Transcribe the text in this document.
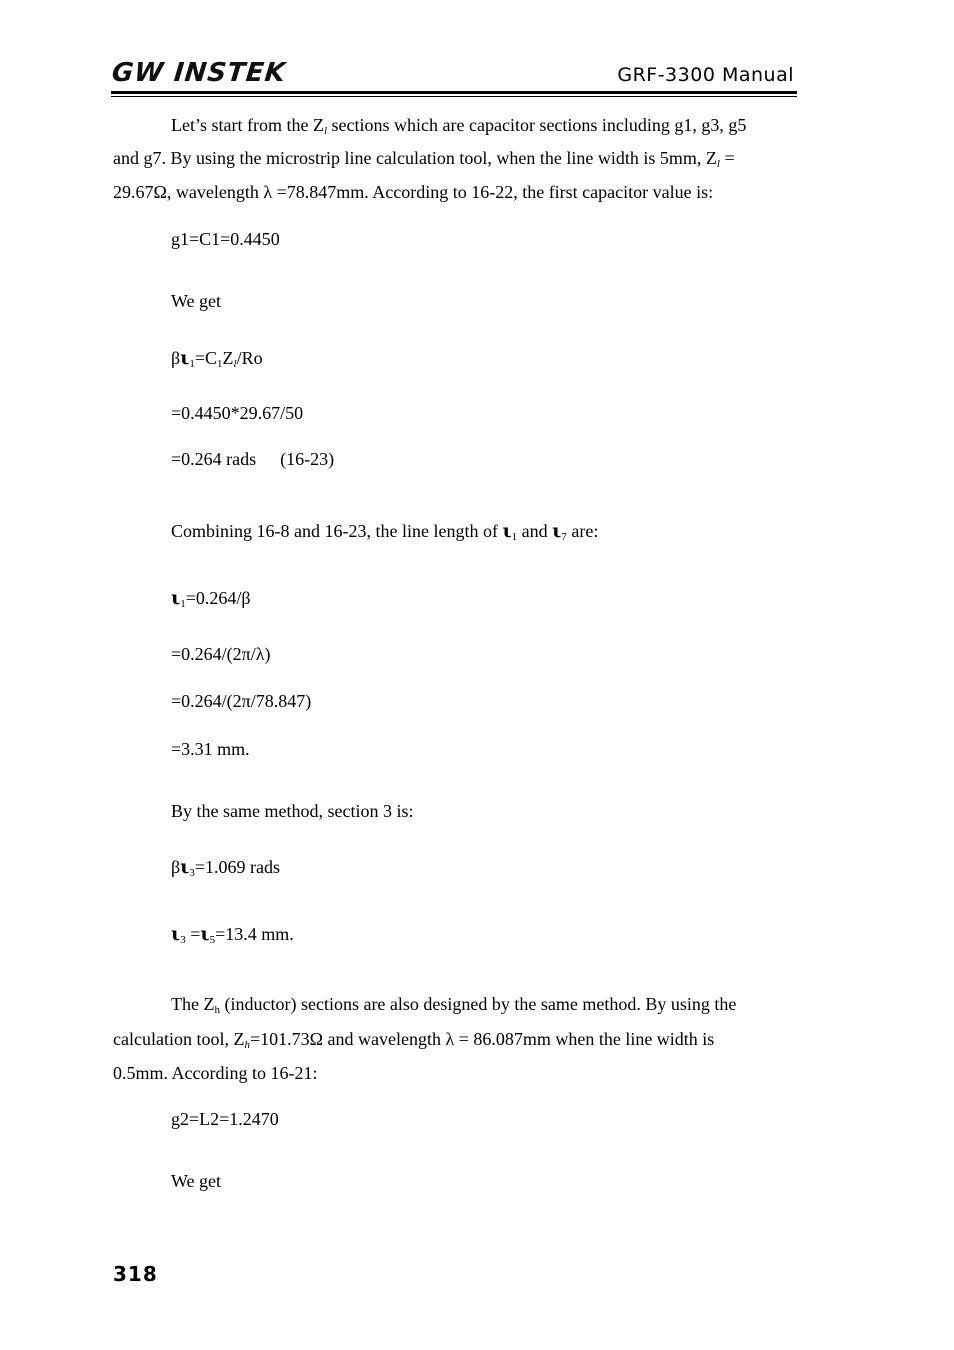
GW INSTEK	GRF-3300 Manual
Let’s start from the $Z_l$ sections which are capacitor sections including g1, g3, g5
and g7. By using the microstrip line calculation tool, when the line width is 5mm, $Z_l$ =
29.67Ω, wavelength λ =78.847mm. According to 16-22, the first capacitor value is:
g1=C1=0.4450
We get
$\beta\iota_1=C_1Z_l/Ro$
=0.4450*29.67/50
=0.264 rads (16-23)
Combining 16-8 and 16-23, the line length of $\iota_1$ and $\iota_7$ are:
$\iota_1=0.264/\beta$
=0.264/(2π/λ)
=0.264/(2π/78.847)
=3.31 mm.
By the same method, section 3 is:
$\beta\iota_3=1.069$ rads
$\iota_3 =\iota_5=13.4$ mm.
The $Z_h$ (inductor) sections are also designed by the same method. By using the
calculation tool, $Z_h=101.73\Omega$ and wavelength λ = 86.087mm when the line width is
0.5mm. According to 16-21:
g2=L2=1.2470
We get
318
